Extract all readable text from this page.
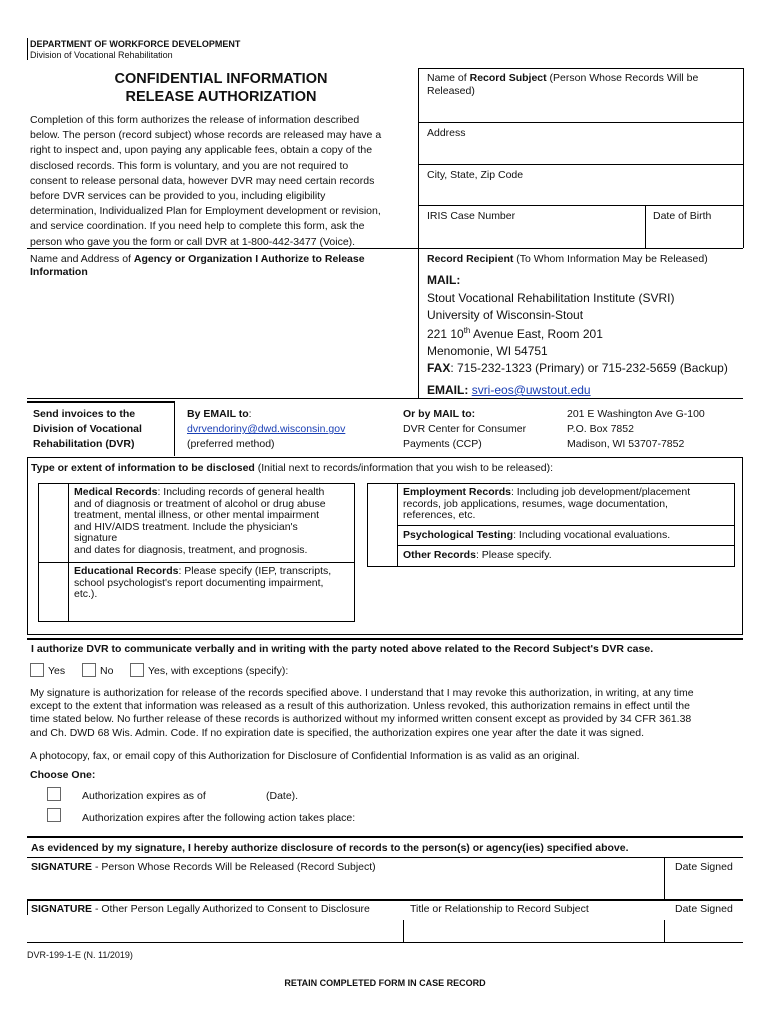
DEPARTMENT OF WORKFORCE DEVELOPMENT
Division of Vocational Rehabilitation
CONFIDENTIAL INFORMATION
RELEASE AUTHORIZATION
Completion of this form authorizes the release of information described
below. The person (record subject) whose records are released may have a
right to inspect and, upon paying any applicable fees, obtain a copy of the
disclosed records. This form is voluntary, and you are not required to
consent to release personal data, however DVR may need certain records
before DVR services can be provided to you, including eligibility
determination, Individualized Plan for Employment development or revision,
and service coordination. If you need help to complete this form, ask the
person who gave you the form or call DVR at 1-800-442-3477 (Voice).
Name of Record Subject (Person Whose Records Will be
Released)
Address
City, State, Zip Code
IRIS Case Number	Date of Birth
Name and Address of Agency or Organization I Authorize to Release
Information
Record Recipient (To Whom Information May be Released)
MAIL:
Stout Vocational Rehabilitation Institute (SVRI)
University of Wisconsin-Stout
221 10th Avenue East, Room 201
Menomonie, WI 54751
FAX: 715-232-1323 (Primary) or 715-232-5659 (Backup)
EMAIL: svri-eos@uwstout.edu
Send invoices to the
Division of Vocational
Rehabilitation (DVR)
By EMAIL to:
dvrvendoriny@dwd.wisconsin.gov
(preferred method)
Or by MAIL to:
DVR Center for Consumer
Payments (CCP)
201 E Washington Ave G-100
P.O. Box 7852
Madison, WI 53707-7852
Type or extent of information to be disclosed (Initial next to records/information that you wish to be released):
Medical Records: Including records of general health
and of diagnosis or treatment of alcohol or drug abuse
treatment, mental illness, or other mental impairment
and HIV/AIDS treatment. Include the physician's
signature
and dates for diagnosis, treatment, and prognosis.
Educational Records: Please specify (IEP, transcripts,
school psychologist's report documenting impairment,
etc.).
Employment Records: Including job development/placement
records, job applications, resumes, wage documentation,
references, etc.
Psychological Testing: Including vocational evaluations.
Other Records: Please specify.
I authorize DVR to communicate verbally and in writing with the party noted above related to the Record Subject's DVR case.
Yes	No	Yes, with exceptions (specify):
My signature is authorization for release of the records specified above. I understand that I may revoke this authorization, in writing, at any time
except to the extent that information was released as a result of this authorization. Unless revoked, this authorization remains in effect until the
time stated below. No further release of these records is authorized without my informed written consent except as provided by 34 CFR 361.38
and Ch. DWD 68 Wis. Admin. Code. If no expiration date is specified, the authorization expires one year after the date it was signed.
A photocopy, fax, or email copy of this Authorization for Disclosure of Confidential Information is as valid as an original.
Choose One:
Authorization expires as of	(Date).
Authorization expires after the following action takes place:
As evidenced by my signature, I hereby authorize disclosure of records to the person(s) or agency(ies) specified above.
SIGNATURE - Person Whose Records Will be Released (Record Subject)	Date Signed
SIGNATURE - Other Person Legally Authorized to Consent to Disclosure	Title or Relationship to Record Subject	Date Signed
DVR-199-1-E (N. 11/2019)
RETAIN COMPLETED FORM IN CASE RECORD
